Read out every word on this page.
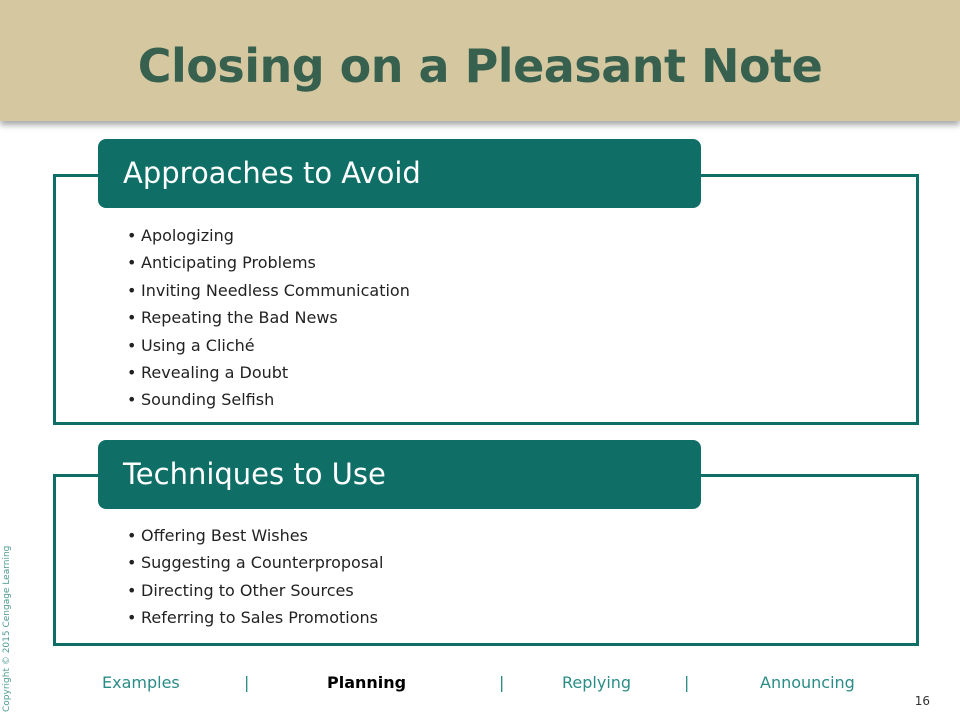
Closing on a Pleasant Note
Approaches to Avoid
• Apologizing
• Anticipating Problems
• Inviting Needless Communication
• Repeating the Bad News
• Using a Cliché
• Revealing a Doubt
• Sounding Selfish
Techniques to Use
• Offering Best Wishes
• Suggesting a Counterproposal
• Directing to Other Sources
• Referring to Sales Promotions
Examples	|	Planning	|	Replying	|	Announcing
Copyright © 2015 Cengage Learning	16
